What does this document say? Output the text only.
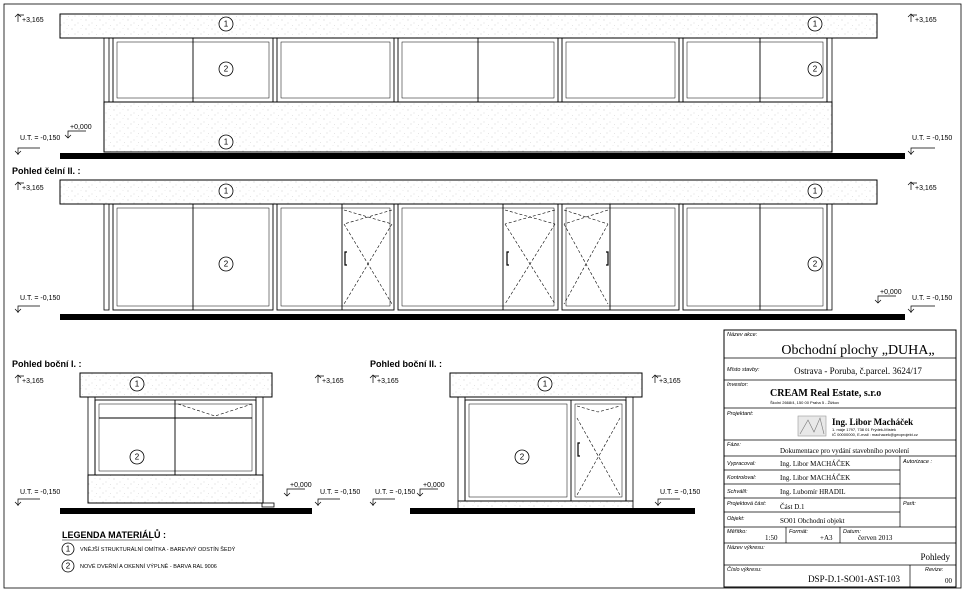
+3,165	+3,165
U.T. = -0,150	U.T. = -0,150
+0,000
+3,165	+3,165
U.T. = -0,150	U.T. = -0,150
+0,000
+3,165	+3,165
U.T. = -0,150	U.T. = -0,150
+0,000
+3,165	+3,165
U.T. = -0,150	U.T. = -0,150
+0,000
Pohled čelní II. :
Pohled boční I. :	Pohled boční II. :
1	1
2	2
1
1	1
2	2
1
2
1
2
LEGENDA MATERIÁLŮ :
1 VNĚJŠÍ STRUKTURÁLNÍ OMÍTKA - BAREVNÝ ODSTÍN ŠEDÝ
2 NOVÉ DVEŘNÍ A OKENNÍ VÝPLNĚ - BARVA RAL 9006
Název akce:
Obchodní plochy „DUHA„
Místo stavby:	Ostrava - Poruba, č.parcel. 3624/17
Investor:
CREAM Real Estate, s.r.o
Školní 2668/4, 150 00 Praha 5 - Žižkov
Projektant:
Ing. Libor Macháček
1. máje 1797, 738 01 Frýdek-Místek
IČ 00000000, E-mail : machacek@geoprojekt.cz
Fáze:
Dokumentace pro vydání stavebního povolení
Vypracoval:	Ing. Libor MACHÁČEK
Kontroloval:	Ing. Libor MACHÁČEK
Schválil:	Ing. Lubomír HRADIL
Autorizace :
Projektová část: Část D.1	Parit:
Objekt:	SO01 Obchodní objekt
Měřítko:
1:50
Formát:
+A3
Datum:
červen 2013
Název výkresu:
Pohledy
Číslo výkresu:
DSP-D.1-SO01-AST-103
Revize:
00
